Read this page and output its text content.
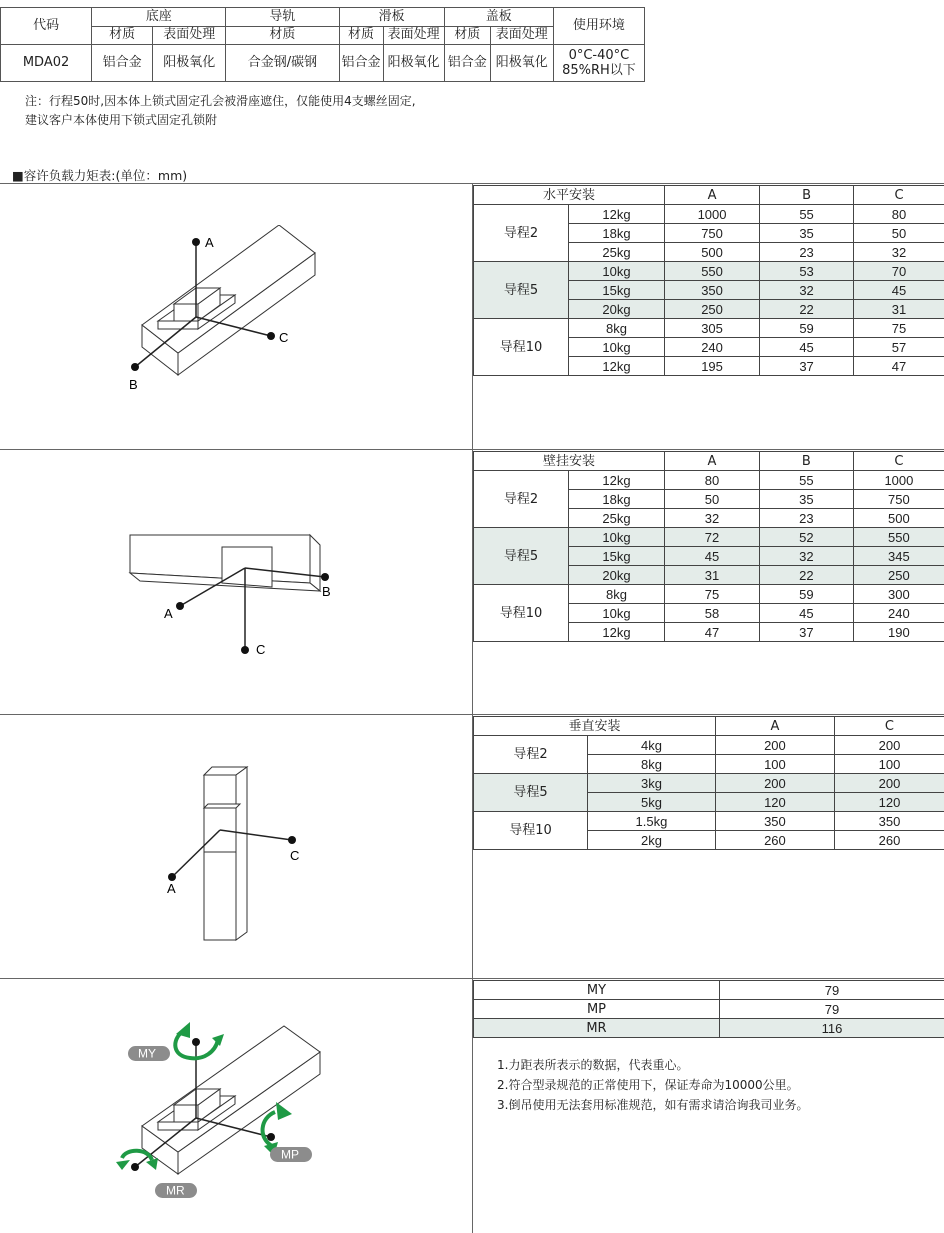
代码	底座		导轨	滑板		盖板		使用环境
	材质	表面处理	材质	材质	表面处理	材质	表面处理	
MDA02	铝合金	阳极氧化	合金钢/碳钢	铝合金	阳极氧化	铝合金	阳极氧化	0°C-40°C
85%RH以下
注：行程50时,因本体上锁式固定孔会被滑座遮住，仅能使用4支螺丝固定,
建议客户本体使用下锁式固定孔锁附
■容许负载力矩表:(单位：mm)
水平安装		A	B	C
导程2	12kg	1000	55	80
	18kg	750	35	50
	25kg	500	23	32
导程5	10kg	550	53	70
	15kg	350	32	45
	20kg	250	22	31
导程10	8kg	305	59	75
	10kg	240	45	57
	12kg	195	37	47
壁挂安装		A	B	C
导程2	12kg	80	55	1000
	18kg	50	35	750
	25kg	32	23	500
导程5	10kg	72	52	550
	15kg	45	32	345
	20kg	31	22	250
导程10	8kg	75	59	300
	10kg	58	45	240
	12kg	47	37	190
垂直安装		A	C
导程2	4kg	200	200
	8kg	100	100
导程5	3kg	200	200
	5kg	120	120
导程10	1.5kg	350	350
	2kg	260	260
MY	79
MP	79
MR	116
1.力距表所表示的数据，代表重心。
2.符合型录规范的正常使用下，保证寿命为10000公里。
3.倒吊使用无法套用标准规范，如有需求请洽询我司业务。
A
C
B
A
B
C
C
A
MY
MP
MR
